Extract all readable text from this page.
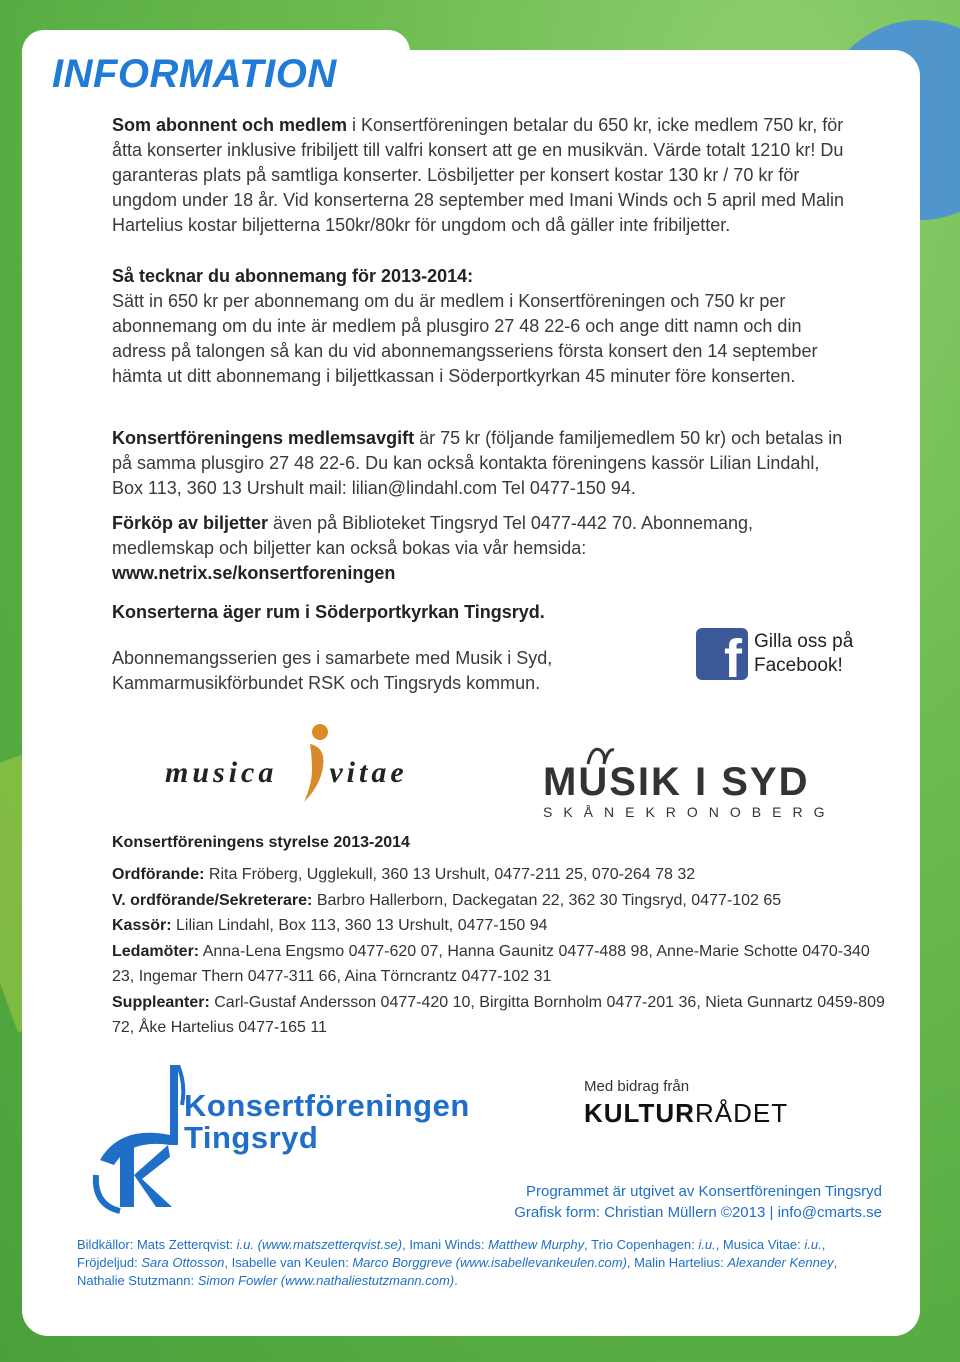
INFORMATION
Som abonnent och medlem i Konsertföreningen betalar du 650 kr, icke medlem 750 kr, för åtta konserter inklusive fribiljett till valfri konsert att ge en musikvän. Värde totalt 1210 kr! Du garanteras plats på samtliga konserter. Lösbiljetter per konsert kostar 130 kr / 70 kr för ungdom under 18 år. Vid konserterna 28 september med Imani Winds och 5 april med Malin Hartelius kostar biljetterna 150kr/80kr för ungdom och då gäller inte fribiljetter.
Så tecknar du abonnemang för 2013-2014:
Sätt in 650 kr per abonnemang om du är medlem i Konsertföreningen och 750 kr per abonnemang om du inte är medlem på plusgiro 27 48 22-6 och ange ditt namn och din adress på talongen så kan du vid abonnemangsseriens första konsert den 14 september hämta ut ditt abonnemang i biljettkassan i Söderportkyrkan 45 minuter före konserten.
Konsertföreningens medlemsavgift är 75 kr (följande familjemedlem 50 kr) och betalas in på samma plusgiro 27 48 22-6. Du kan också kontakta föreningens kassör Lilian Lindahl, Box 113, 360 13 Urshult mail: lilian@lindahl.com Tel 0477-150 94.
Förköp av biljetter även på Biblioteket Tingsryd Tel 0477-442 70. Abonnemang, medlemskap och biljetter kan också bokas via vår hemsida:
www.netrix.se/konsertforeningen
Konserterna äger rum i Söderportkyrkan Tingsryd.
Abonnemangsserien ges i samarbete med Musik i Syd, Kammarmusikförbundet RSK och Tingsryds kommun.	f Gilla oss på Facebook!
musica vitae	MUSIK I SYD
SKÅNEKRONOBERG
Konsertföreningens styrelse 2013-2014
Ordförande: Rita Fröberg, Ugglekull, 360 13 Urshult, 0477-211 25, 070-264 78 32
V. ordförande/Sekreterare: Barbro Hallerborn, Dackegatan 22, 362 30 Tingsryd, 0477-102 65
Kassör: Lilian Lindahl, Box 113, 360 13 Urshult, 0477-150 94
Ledamöter: Anna-Lena Engsmo 0477-620 07, Hanna Gaunitz 0477-488 98, Anne-Marie Schotte 0470-340 23, Ingemar Thern 0477-311 66, Aina Törncrantz 0477-102 31
Suppleanter: Carl-Gustaf Andersson 0477-420 10, Birgitta Bornholm 0477-201 36, Nieta Gunnartz 0459-809 72, Åke Hartelius 0477-165 11
Konsertföreningen
Tingsryd
Med bidrag från
KULTURRÅDET
Programmet är utgivet av Konsertföreningen Tingsryd
Grafisk form: Christian Müllern ©2013 | info@cmarts.se
Bildkällor: Mats Zetterqvist: i.u. (www.matszetterqvist.se), Imani Winds: Matthew Murphy, Trio Copenhagen: i.u., Musica Vitae: i.u., Fröjdeljud: Sara Ottosson, Isabelle van Keulen: Marco Borggreve (www.isabellevankeulen.com), Malin Hartelius: Alexander Kenney, Nathalie Stutzmann: Simon Fowler (www.nathaliestutzmann.com).
